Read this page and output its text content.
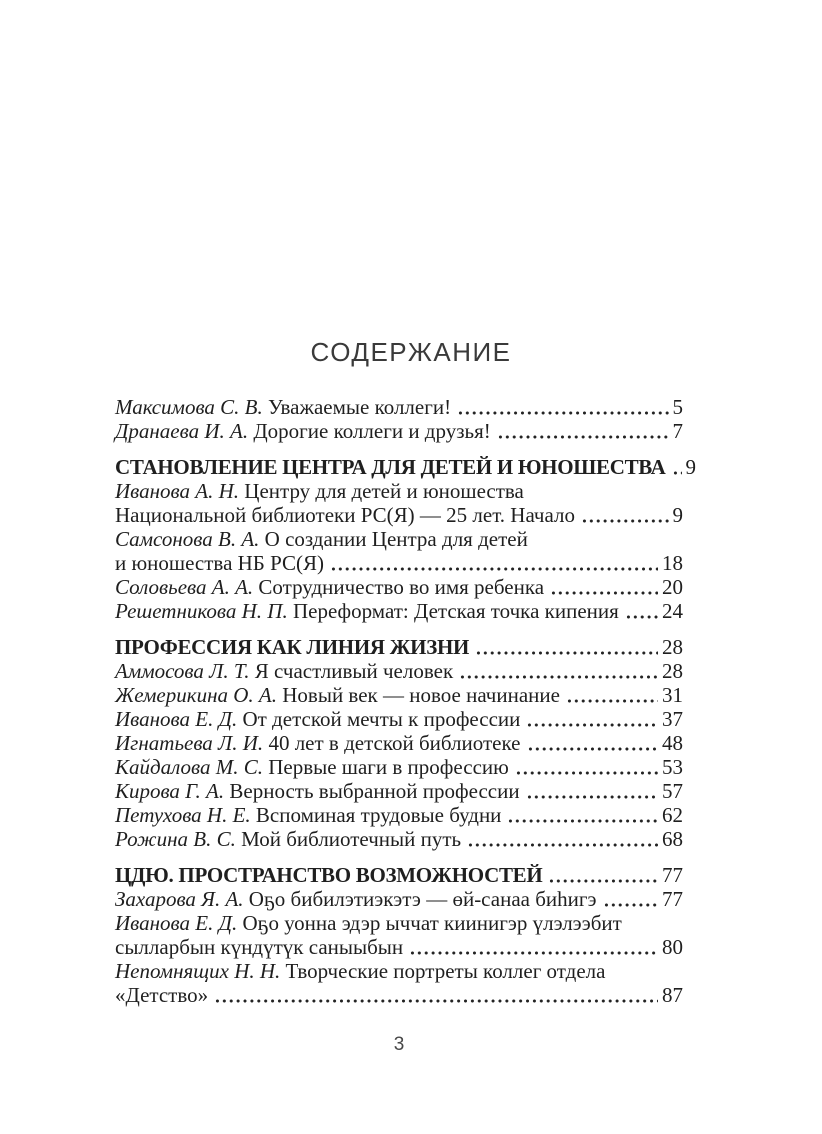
СОДЕРЖАНИЕ
Максимова С. В. Уважаемые коллеги!	5
Дранаева И. А. Дорогие коллеги и друзья!	7
СТАНОВЛЕНИЕ ЦЕНТРА ДЛЯ ДЕТЕЙ И ЮНОШЕСТВА 9
Иванова А. Н. Центру для детей и юношества
Национальной библиотеки РС(Я) — 25 лет. Начало	9
Самсонова В. А. О создании Центра для детей
и юношества НБ РС(Я)	18
Соловьева А. А. Сотрудничество во имя ребенка	20
Решетникова Н. П. Переформат: Детская точка кипения 24
ПРОФЕССИЯ КАК ЛИНИЯ ЖИЗНИ	28
Аммосова Л. Т. Я счастливый человек	28
Жемерикина О. А. Новый век — новое начинание	31
Иванова Е. Д. От детской мечты к профессии	37
Игнатьева Л. И. 40 лет в детской библиотеке	48
Кайдалова М. С. Первые шаги в профессию	53
Кирова Г. А. Верность выбранной профессии	57
Петухова Н. Е. Вспоминая трудовые будни	62
Рожина В. С. Мой библиотечный путь	68
ЦДЮ. ПРОСТРАНСТВО ВОЗМОЖНОСТЕЙ	77
Захарова Я. А. Оҕо бибилэтиэкэтэ — өй-санаа биһигэ	77
Иванова Е. Д. Оҕо уонна эдэр ыччат киинигэр үлэлээбит
сылларбын күндүтүк саныыбын	80
Непомнящих Н. Н. Творческие портреты коллег отдела
«Детство»	87
3
